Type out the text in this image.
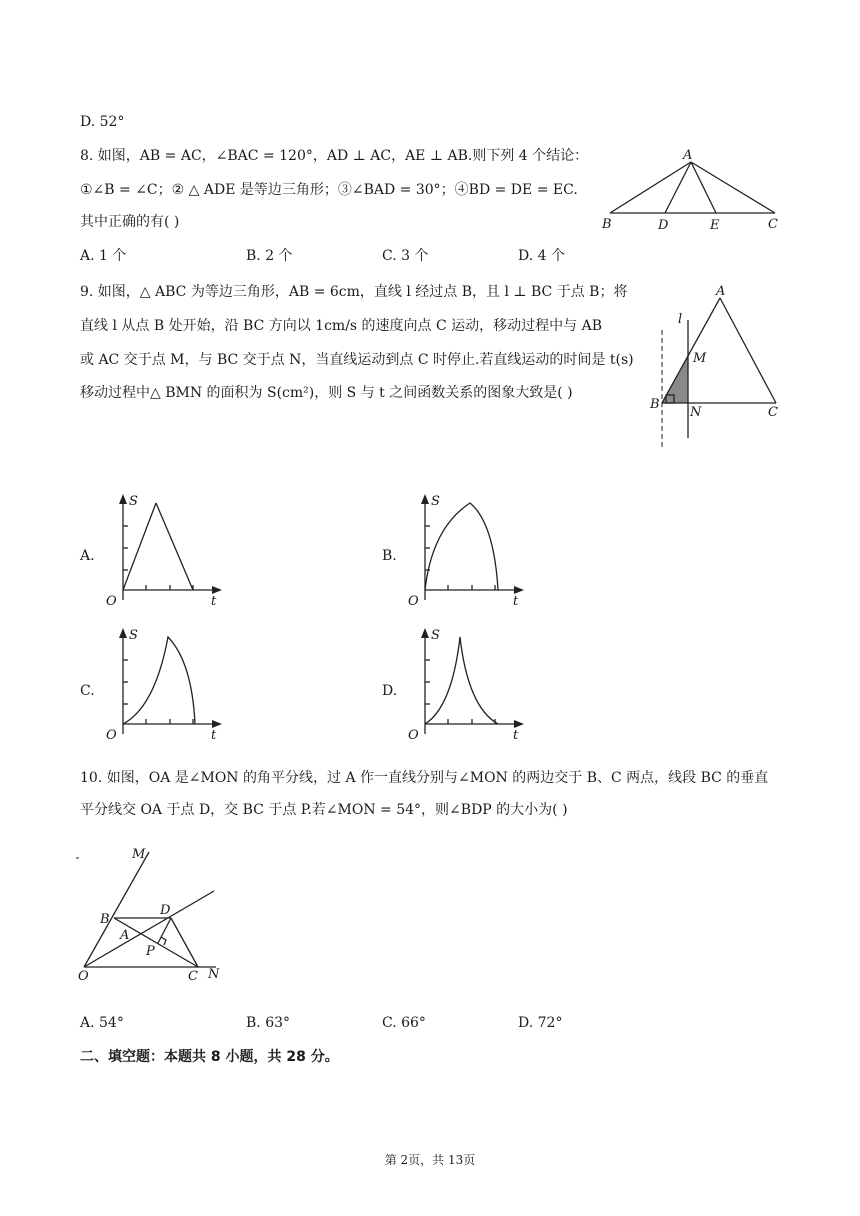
D. 52°
8. 如图，AB = AC，∠BAC = 120°，AD ⊥ AC，AE ⊥ AB.则下列 4 个结论：
①∠B = ∠C；② △ ADE 是等边三角形；③∠BAD = 30°；④BD = DE = EC.
其中正确的有( )
A. 1 个	B. 2 个	C. 3 个	D. 4 个
A
B	C
D	E
9. 如图，△ ABC 为等边三角形，AB = 6cm，直线 l 经过点 B，且 l ⊥ BC 于点 B；将
直线 l 从点 B 处开始，沿 BC 方向以 1cm/s 的速度向点 C 运动，移动过程中与 AB
或 AC 交于点 M，与 BC 交于点 N，当直线运动到点 C 时停止.若直线运动的时间是 t(s)
移动过程中△ BMN 的面积为 S(cm²)，则 S 与 t 之间函数关系的图象大致是( )
A
B
C
M
N
l
A.	B.
C.	D.
S
t
O
S
t
O
S
t
O
S
t
O
10. 如图，OA 是∠MON 的角平分线，过 A 作一直线分别与∠MON 的两边交于 B、C 两点，线段 BC 的垂直
平分线交 OA 于点 D，交 BC 于点 P.若∠MON = 54°，则∠BDP 的大小为( )
M
N
O
A
B
C
D
P
A. 54°	B. 63°	C. 66°	D. 72°
二、填空题：本题共 8 小题，共 28 分。
第 2页，共 13页
